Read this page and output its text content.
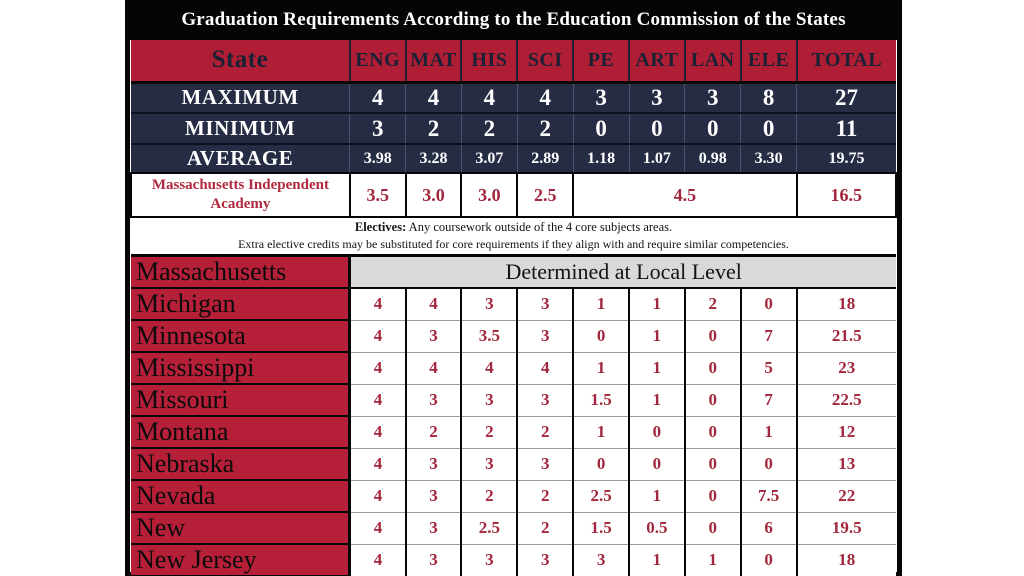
Graduation Requirements According to the Education Commission of the States
State	ENG	MAT	HIS	SCI	PE	ART	LAN	ELE	TOTAL
MAXIMUM	4	4	4	4	3	3	3	8	27
MINIMUM	3	2	2	2	0	0	0	0	11
AVERAGE	3.98	3.28	3.07	2.89	1.18	1.07	0.98	3.30	19.75
Massachusetts Independent Academy	3.5	3.0	3.0	2.5	4.5				16.5

Electives: Any coursework outside of the 4 core subjects areas.
Extra elective credits may be substituted for core requirements if they align with and require similar competencies.									

Massachusetts	Determined at Local Level								
Michigan	4	4	3	3	1	1	2	0	18
Minnesota	4	3	3.5	3	0	1	0	7	21.5
Mississippi	4	4	4	4	1	1	0	5	23
Missouri	4	3	3	3	1.5	1	0	7	22.5
Montana	4	2	2	2	1	0	0	1	12
Nebraska	4	3	3	3	0	0	0	0	13
Nevada	4	3	2	2	2.5	1	0	7.5	22
New	4	3	2.5	2	1.5	0.5	0	6	19.5
New Jersey	4	3	3	3	3	1	1	0	18
